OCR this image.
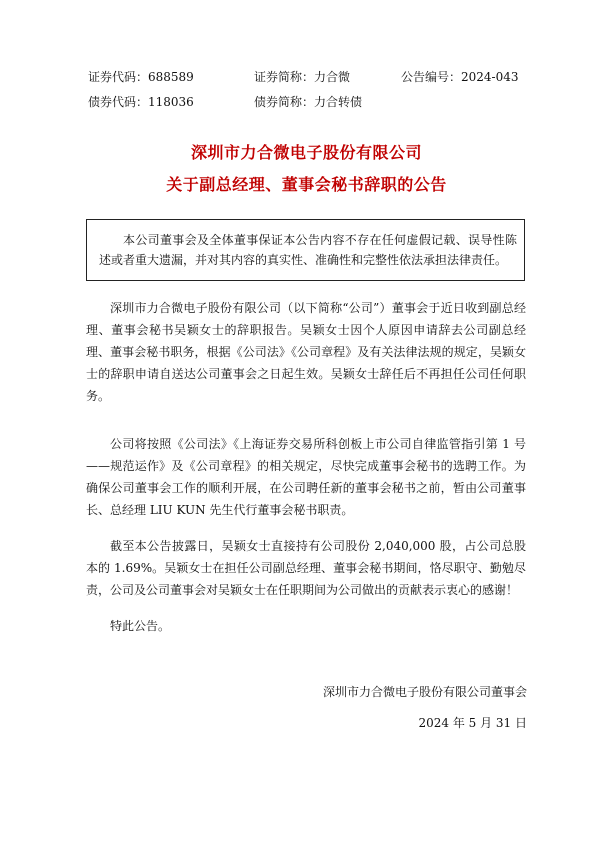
证券代码：688589	证券简称：力合微	公告编号：2024-043
债券代码：118036	债券简称：力合转债
深圳市力合微电子股份有限公司
关于副总经理、董事会秘书辞职的公告
本公司董事会及全体董事保证本公告内容不存在任何虚假记载、误导性陈述或者重大遗漏，并对其内容的真实性、准确性和完整性依法承担法律责任。
深圳市力合微电子股份有限公司（以下简称“公司”）董事会于近日收到副总经理、董事会秘书吴颖女士的辞职报告。吴颖女士因个人原因申请辞去公司副总经理、董事会秘书职务，根据《公司法》《公司章程》及有关法律法规的规定，吴颖女士的辞职申请自送达公司董事会之日起生效。吴颖女士辞任后不再担任公司任何职务。
公司将按照《公司法》《上海证券交易所科创板上市公司自律监管指引第 1 号——规范运作》及《公司章程》的相关规定，尽快完成董事会秘书的选聘工作。为确保公司董事会工作的顺利开展，在公司聘任新的董事会秘书之前，暂由公司董事长、总经理 LIU KUN 先生代行董事会秘书职责。
截至本公告披露日，吴颖女士直接持有公司股份 2,040,000 股，占公司总股本的 1.69%。吴颖女士在担任公司副总经理、董事会秘书期间，恪尽职守、勤勉尽责，公司及公司董事会对吴颖女士在任职期间为公司做出的贡献表示衷心的感谢！
特此公告。
深圳市力合微电子股份有限公司董事会
2024 年 5 月 31 日
